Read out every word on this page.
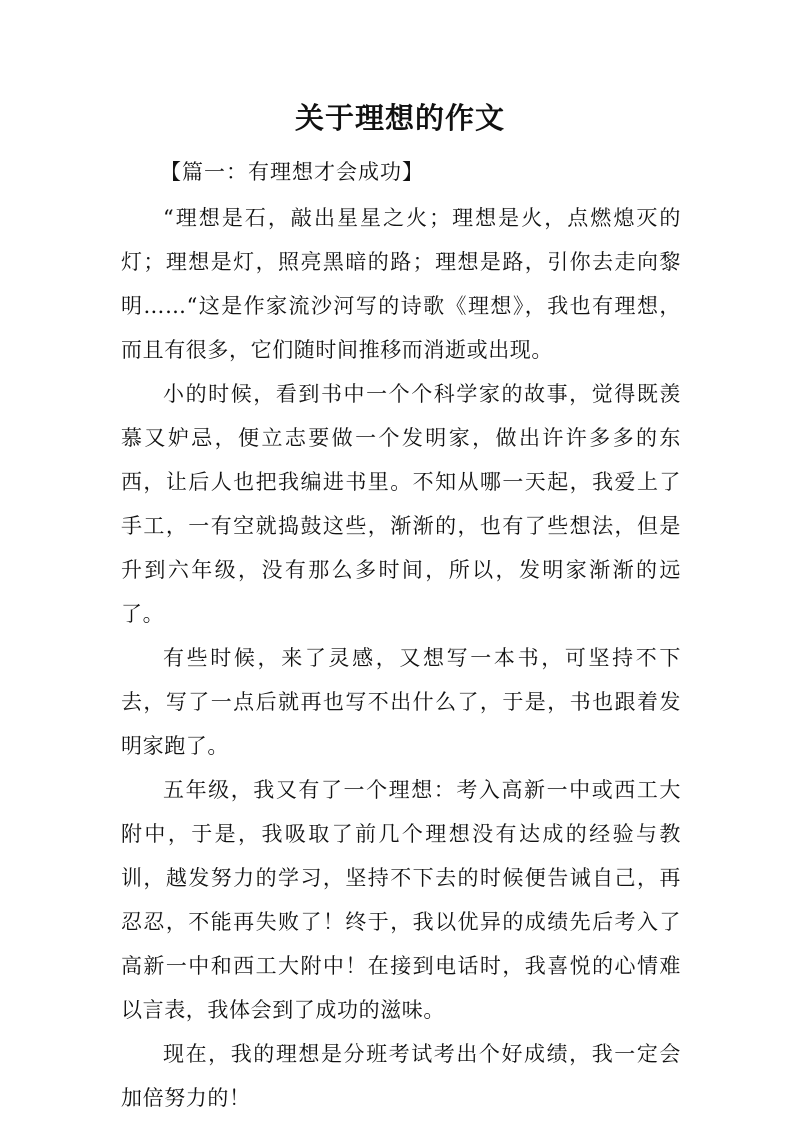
关于理想的作文

【篇一：有理想才会成功】

“理想是石，敲出星星之火；理想是火，点燃熄灭的灯；理想是灯，照亮黑暗的路；理想是路，引你去走向黎明……“这是作家流沙河写的诗歌《理想》，我也有理想，而且有很多，它们随时间推移而消逝或出现。

小的时候，看到书中一个个科学家的故事，觉得既羡慕又妒忌，便立志要做一个发明家，做出许许多多的东西，让后人也把我编进书里。不知从哪一天起，我爱上了手工，一有空就捣鼓这些，渐渐的，也有了些想法，但是升到六年级，没有那么多时间，所以，发明家渐渐的远了。

有些时候，来了灵感，又想写一本书，可坚持不下去，写了一点后就再也写不出什么了，于是，书也跟着发明家跑了。

五年级，我又有了一个理想：考入高新一中或西工大附中，于是，我吸取了前几个理想没有达成的经验与教训，越发努力的学习，坚持不下去的时候便告诫自己，再忍忍，不能再失败了！终于，我以优异的成绩先后考入了高新一中和西工大附中！在接到电话时，我喜悦的心情难以言表，我体会到了成功的滋味。

现在，我的理想是分班考试考出个好成绩，我一定会加倍努力的！
